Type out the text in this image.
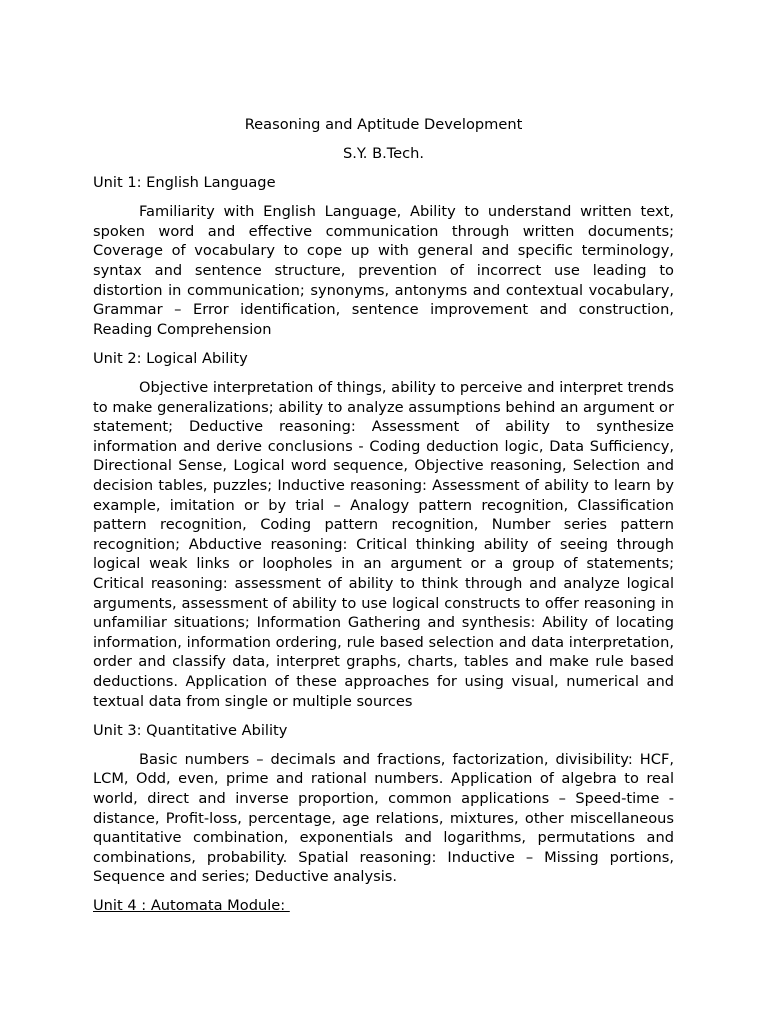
Reasoning and Aptitude Development

S.Y. B.Tech.

Unit 1: English Language

Familiarity with English Language, Ability to understand written text, spoken word and effective communication through written documents; Coverage of vocabulary to cope up with general and specific terminology, syntax and sentence structure, prevention of incorrect use leading to distortion in communication; synonyms, antonyms and contextual vocabulary, Grammar – Error identification, sentence improvement and construction, Reading Comprehension

Unit 2: Logical Ability

Objective interpretation of things, ability to perceive and interpret trends to make generalizations; ability to analyze assumptions behind an argument or statement; Deductive reasoning: Assessment of ability to synthesize information and derive conclusions - Coding deduction logic, Data Sufficiency, Directional Sense, Logical word sequence, Objective reasoning, Selection and decision tables, puzzles; Inductive reasoning: Assessment of ability to learn by example, imitation or by trial – Analogy pattern recognition, Classification pattern recognition, Coding pattern recognition, Number series pattern recognition; Abductive reasoning: Critical thinking ability of seeing through logical weak links or loopholes in an argument or a group of statements; Critical reasoning: assessment of ability to think through and analyze logical arguments, assessment of ability to use logical constructs to offer reasoning in unfamiliar situations; Information Gathering and synthesis: Ability of locating information, information ordering, rule based selection and data interpretation, order and classify data, interpret graphs, charts, tables and make rule based deductions. Application of these approaches for using visual, numerical and textual data from single or multiple sources

Unit 3: Quantitative Ability

Basic numbers – decimals and fractions, factorization, divisibility: HCF, LCM, Odd, even, prime and rational numbers. Application of algebra to real world, direct and inverse proportion, common applications – Speed-time -distance, Profit-loss, percentage, age relations, mixtures, other miscellaneous quantitative combination, exponentials and logarithms, permutations and combinations, probability. Spatial reasoning: Inductive – Missing portions, Sequence and series; Deductive analysis.

Unit 4 : Automata Module:
